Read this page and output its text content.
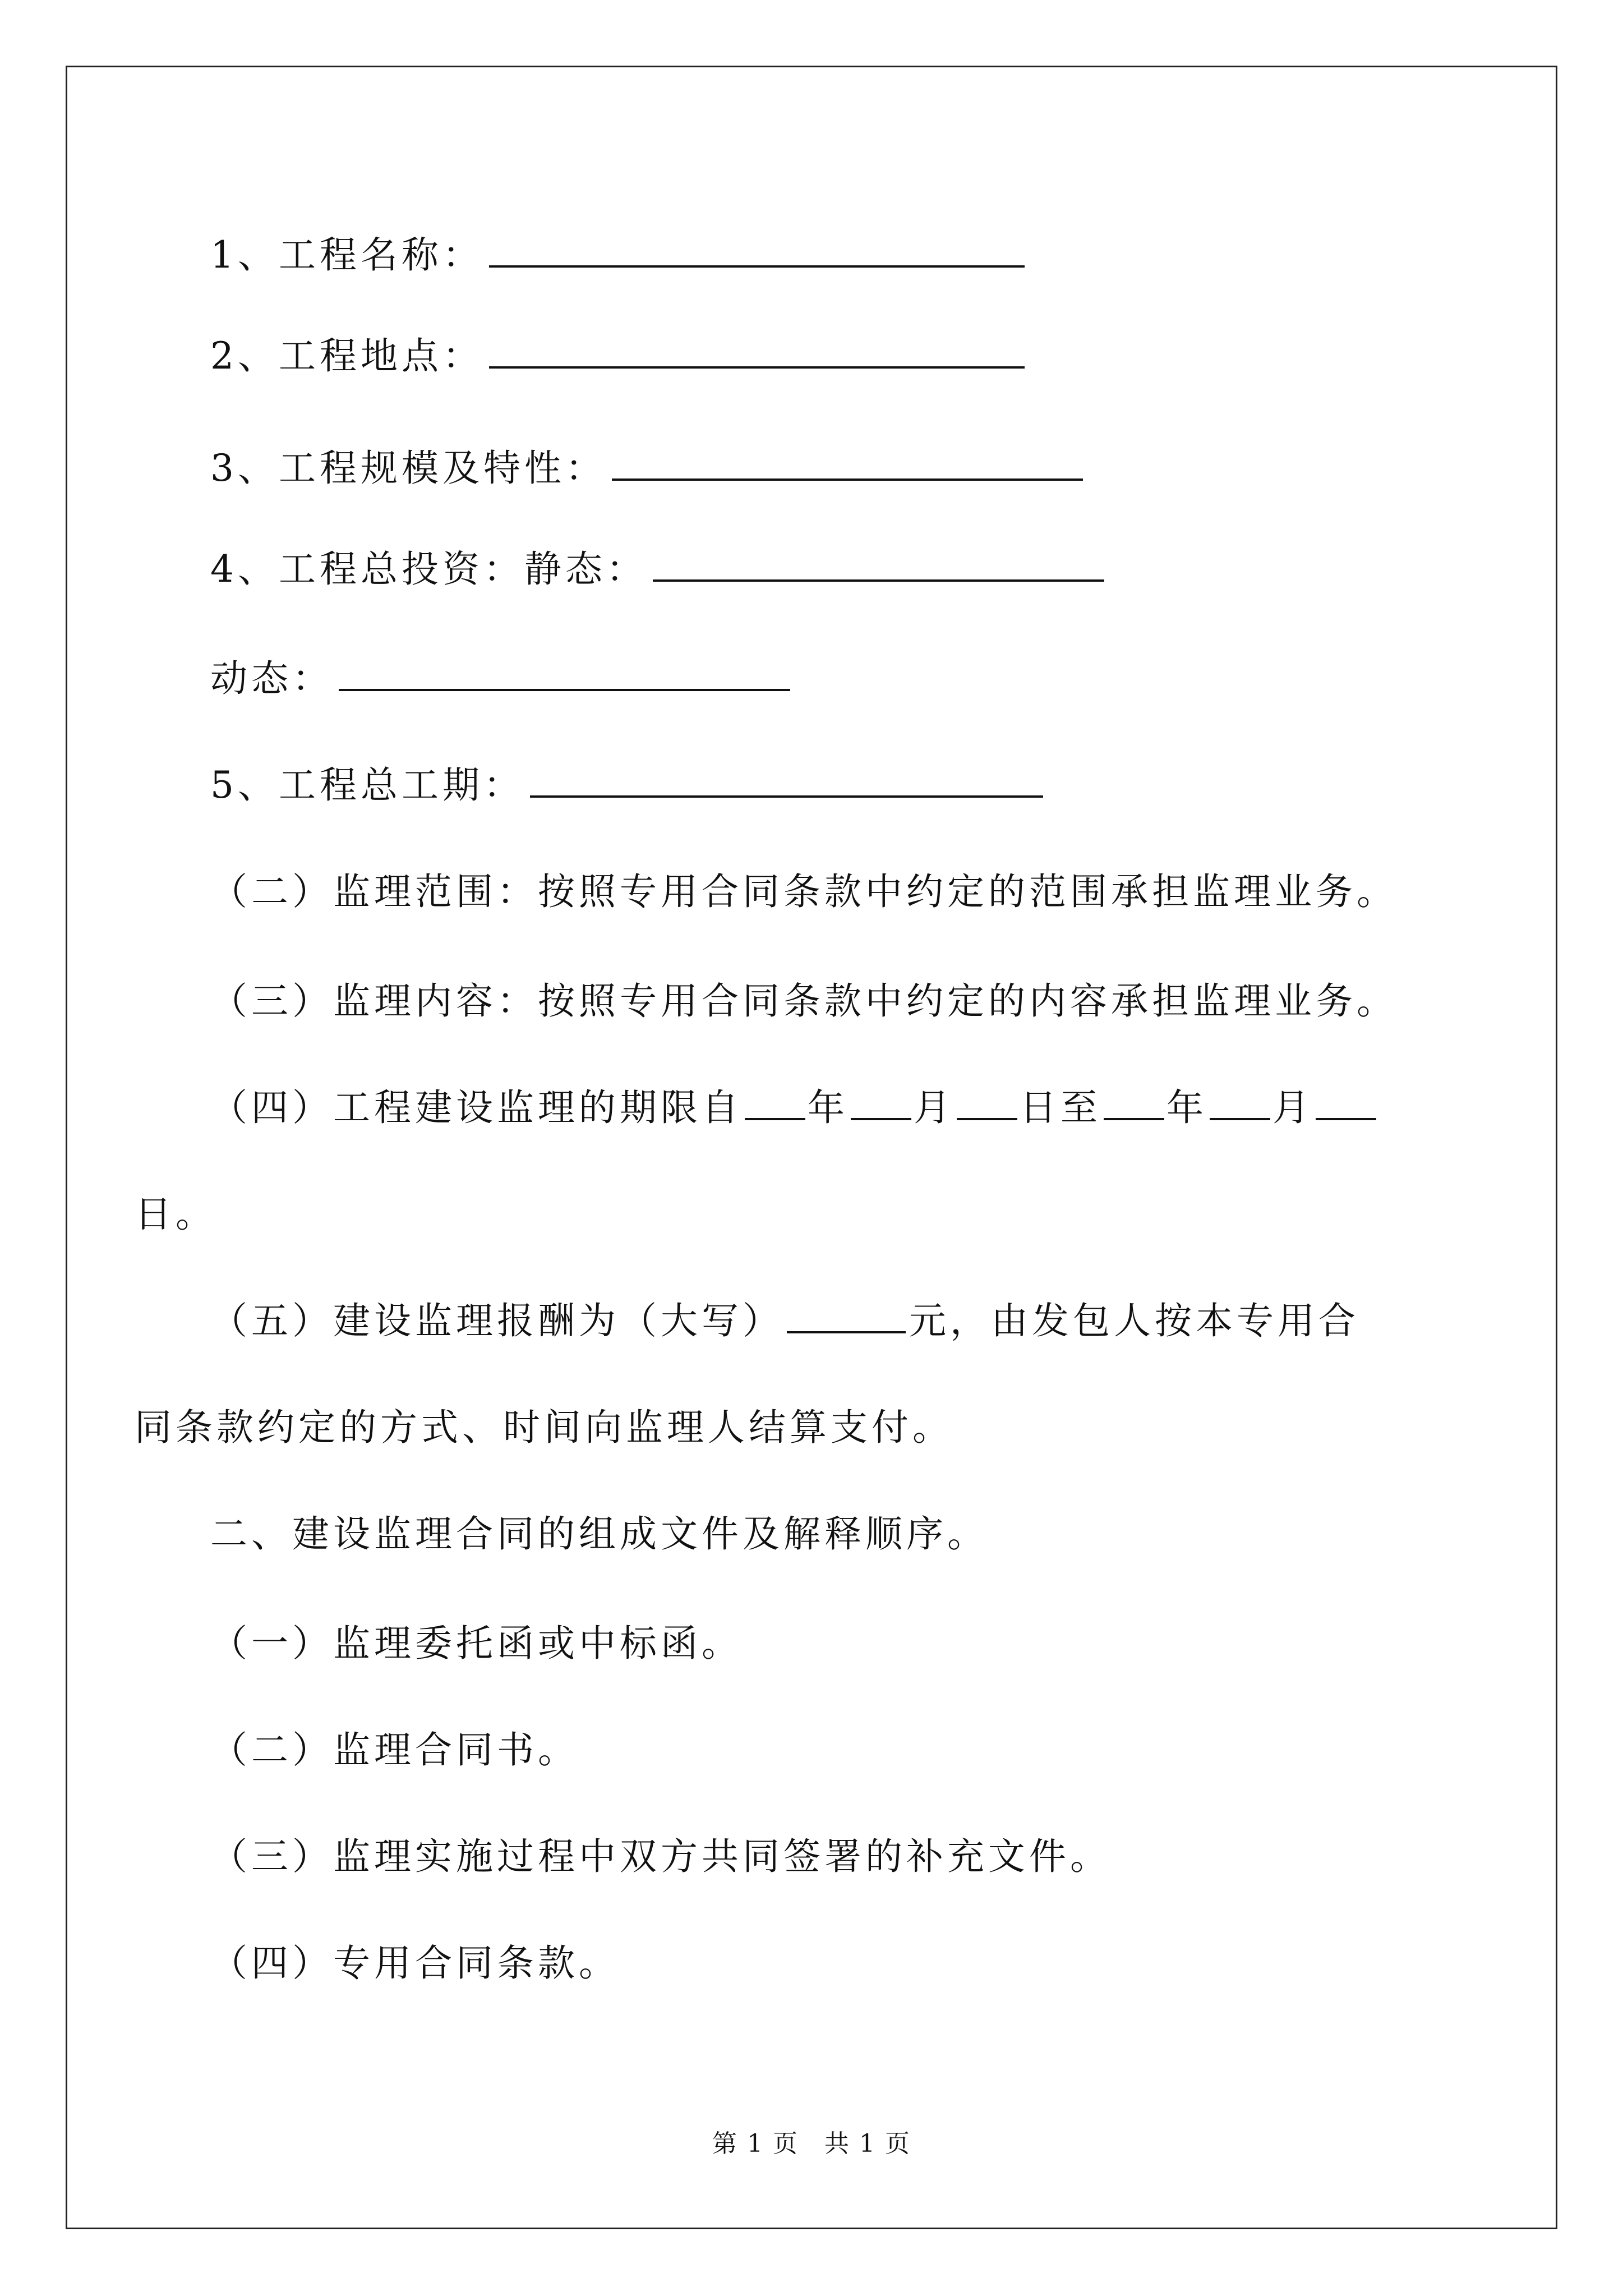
1、工程名称：
2、工程地点：
3、工程规模及特性：
4、工程总投资：静态：
动态：
5、工程总工期：
（二）监理范围：按照专用合同条款中约定的范围承担监理业务。
（三）监理内容：按照专用合同条款中约定的内容承担监理业务。
（四）工程建设监理的期限自 年 月 日至 年 月
日。
（五）建设监理报酬为（大写）	元，由发包人按本专用合
同条款约定的方式、时间向监理人结算支付。
二、建设监理合同的组成文件及解释顺序。
（一）监理委托函或中标函。
（二）监理合同书。
（三）监理实施过程中双方共同签署的补充文件。
（四）专用合同条款。
第 1 页　共 1 页
